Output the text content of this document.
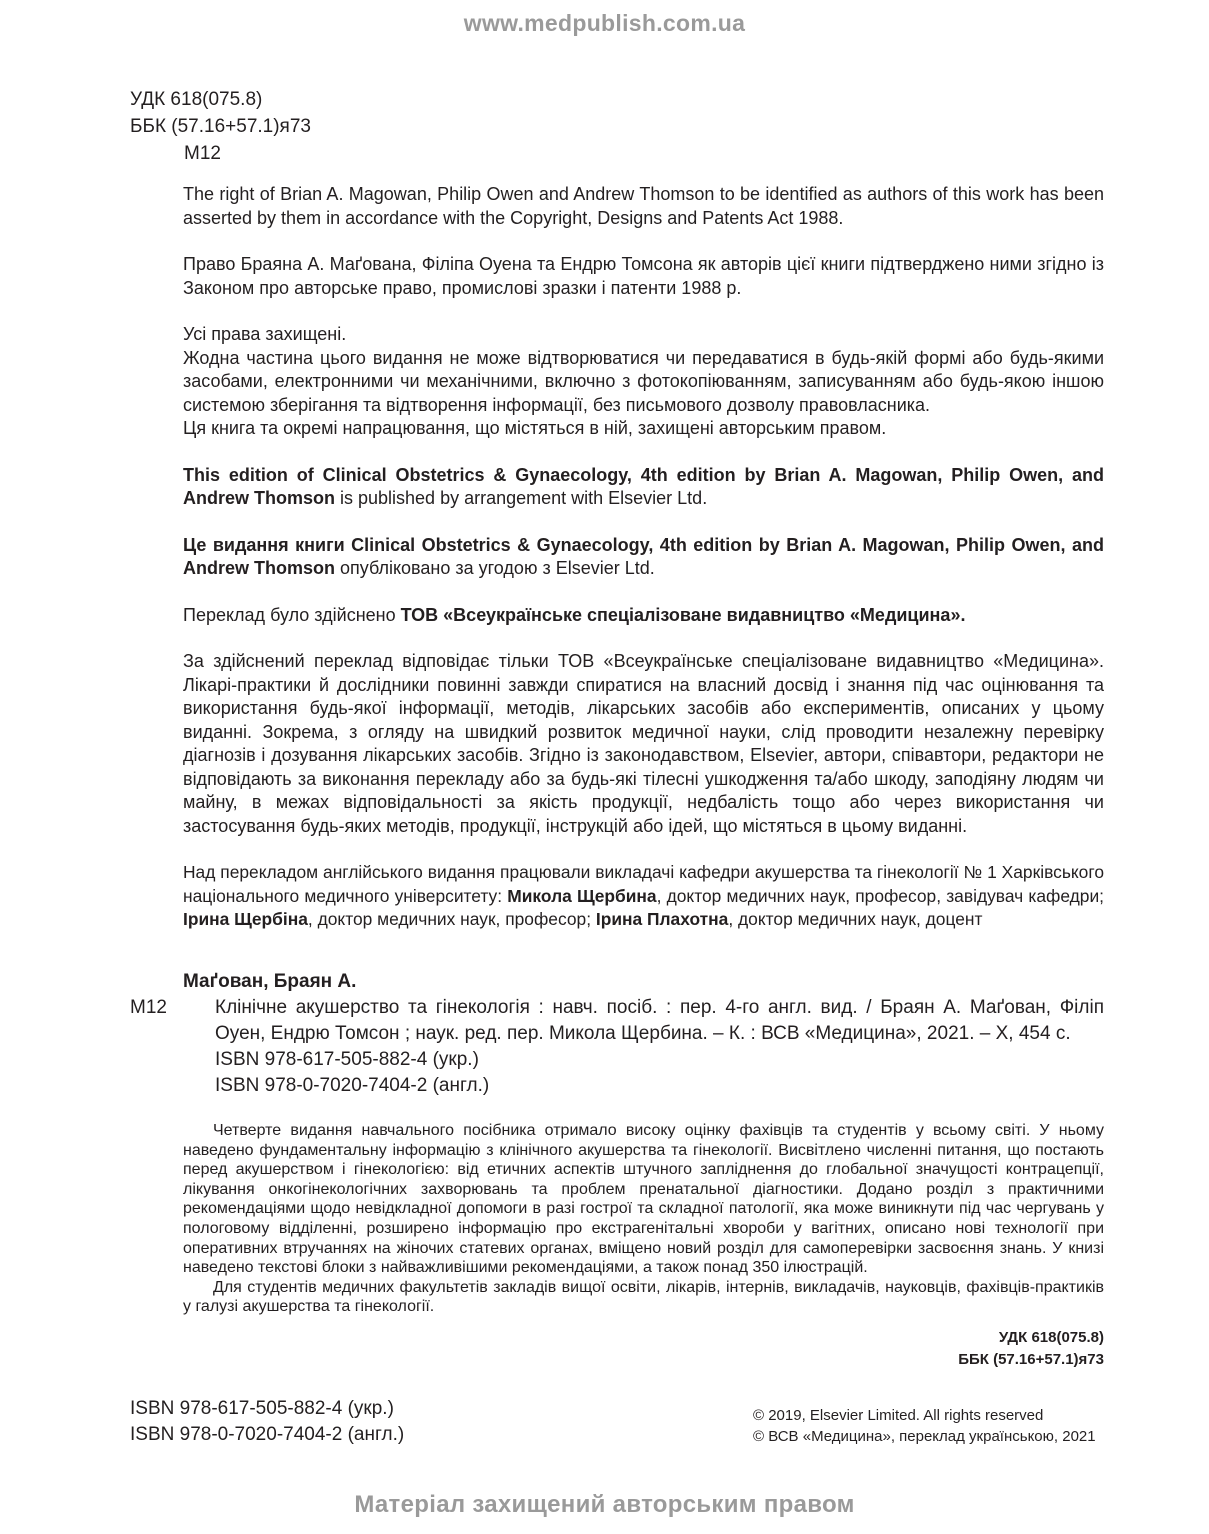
www.medpublish.com.ua
УДК 618(075.8)
ББК (57.16+57.1)я73
М12

The right of Brian A. Magowan, Philip Owen and Andrew Thomson to be identified as authors of this work has been asserted by them in accordance with the Copyright, Designs and Patents Act 1988.

Право Браяна А. Маґована, Філіпа Оуена та Ендрю Томсона як авторів цієї книги підтверджено ними згідно із Законом про авторське право, промислові зразки і патенти 1988 р.

Усі права захищені.

Жодна частина цього видання не може відтворюватися чи передаватися в будь-якій формі або будь-якими засобами, електронними чи механічними, включно з фотокопіюванням, записуванням або будь-якою іншою системою зберігання та відтворення інформації, без письмового дозволу правовласника.

Ця книга та окремі напрацювання, що містяться в ній, захищені авторським правом.

This edition of Clinical Obstetrics & Gynaecology, 4th edition by Brian A. Magowan, Philip Owen, and Andrew Thomson is published by arrangement with Elsevier Ltd.

Це видання книги Clinical Obstetrics & Gynaecology, 4th edition by Brian A. Magowan, Philip Owen, and Andrew Thomson опубліковано за угодою з Elsevier Ltd.

Переклад було здійснено ТОВ «Всеукраїнське спеціалізоване видавництво «Медицина».

За здійснений переклад відповідає тільки ТОВ «Всеукраїнське спеціалізоване видавництво «Медицина». Лікарі-практики й дослідники повинні завжди спиратися на власний досвід і знання під час оцінювання та використання будь-якої інформації, методів, лікарських засобів або експериментів, описаних у цьому виданні. Зокрема, з огляду на швидкий розвиток медичної науки, слід проводити незалежну перевірку діагнозів і дозування лікарських засобів. Згідно із законодавством, Elsevier, автори, співавтори, редактори не відповідають за виконання перекладу або за будь-які тілесні ушкодження та/або шкоду, заподіяну людям чи майну, в межах відповідальності за якість продукції, недбалість тощо або через використання чи застосування будь-яких методів, продукції, інструкцій або ідей, що містяться в цьому виданні.

Над перекладом англійського видання працювали викладачі кафедри акушерства та гінекології № 1 Харківського національного медичного університету: Микола Щербина, доктор медичних наук, професор, завідувач кафедри; Ірина Щербіна, доктор медичних наук, професор; Ірина Плахотна, доктор медичних наук, доцент

Маґован, Браян А.
М12	Клінічне акушерство та гінекологія : навч. посіб. : пер. 4-го англ. вид. / Браян А. Маґован, Філіп Оуен, Ендрю Томсон ; наук. ред. пер. Микола Щербина. – К. : ВСВ «Медицина», 2021. – X, 454 с.
ISBN 978-617-505-882-4 (укр.)
ISBN 978-0-7020-7404-2 (англ.)

Четверте видання навчального посібника отримало високу оцінку фахівців та студентів у всьому світі. У ньому наведено фундаментальну інформацію з клінічного акушерства та гінекології. Висвітлено численні питання, що постають перед акушерством і гінекологією: від етичних аспектів штучного запліднення до глобальної значущості контрацепції, лікування онкогінекологічних захворювань та проблем пренатальної діагностики. Додано розділ з практичними рекомендаціями щодо невідкладної допомоги в разі гострої та складної патології, яка може виникнути під час чергувань у пологовому відділенні, розширено інформацію про екстрагенітальні хвороби у вагітних, описано нові технології при оперативних втручаннях на жіночих статевих органах, вміщено новий розділ для самоперевірки засвоєння знань. У книзі наведено текстові блоки з найважливішими рекомендаціями, а також понад 350 ілюстрацій.

Для студентів медичних факультетів закладів вищої освіти, лікарів, інтернів, викладачів, науковців, фахівців-практиків у галузі акушерства та гінекології.

УДК 618(075.8)
ББК (57.16+57.1)я73
ISBN 978-617-505-882-4 (укр.)
ISBN 978-0-7020-7404-2 (англ.)
© 2019, Elsevier Limited. All rights reserved
© ВСВ «Медицина», переклад українською, 2021
Матеріал захищений авторським правом
